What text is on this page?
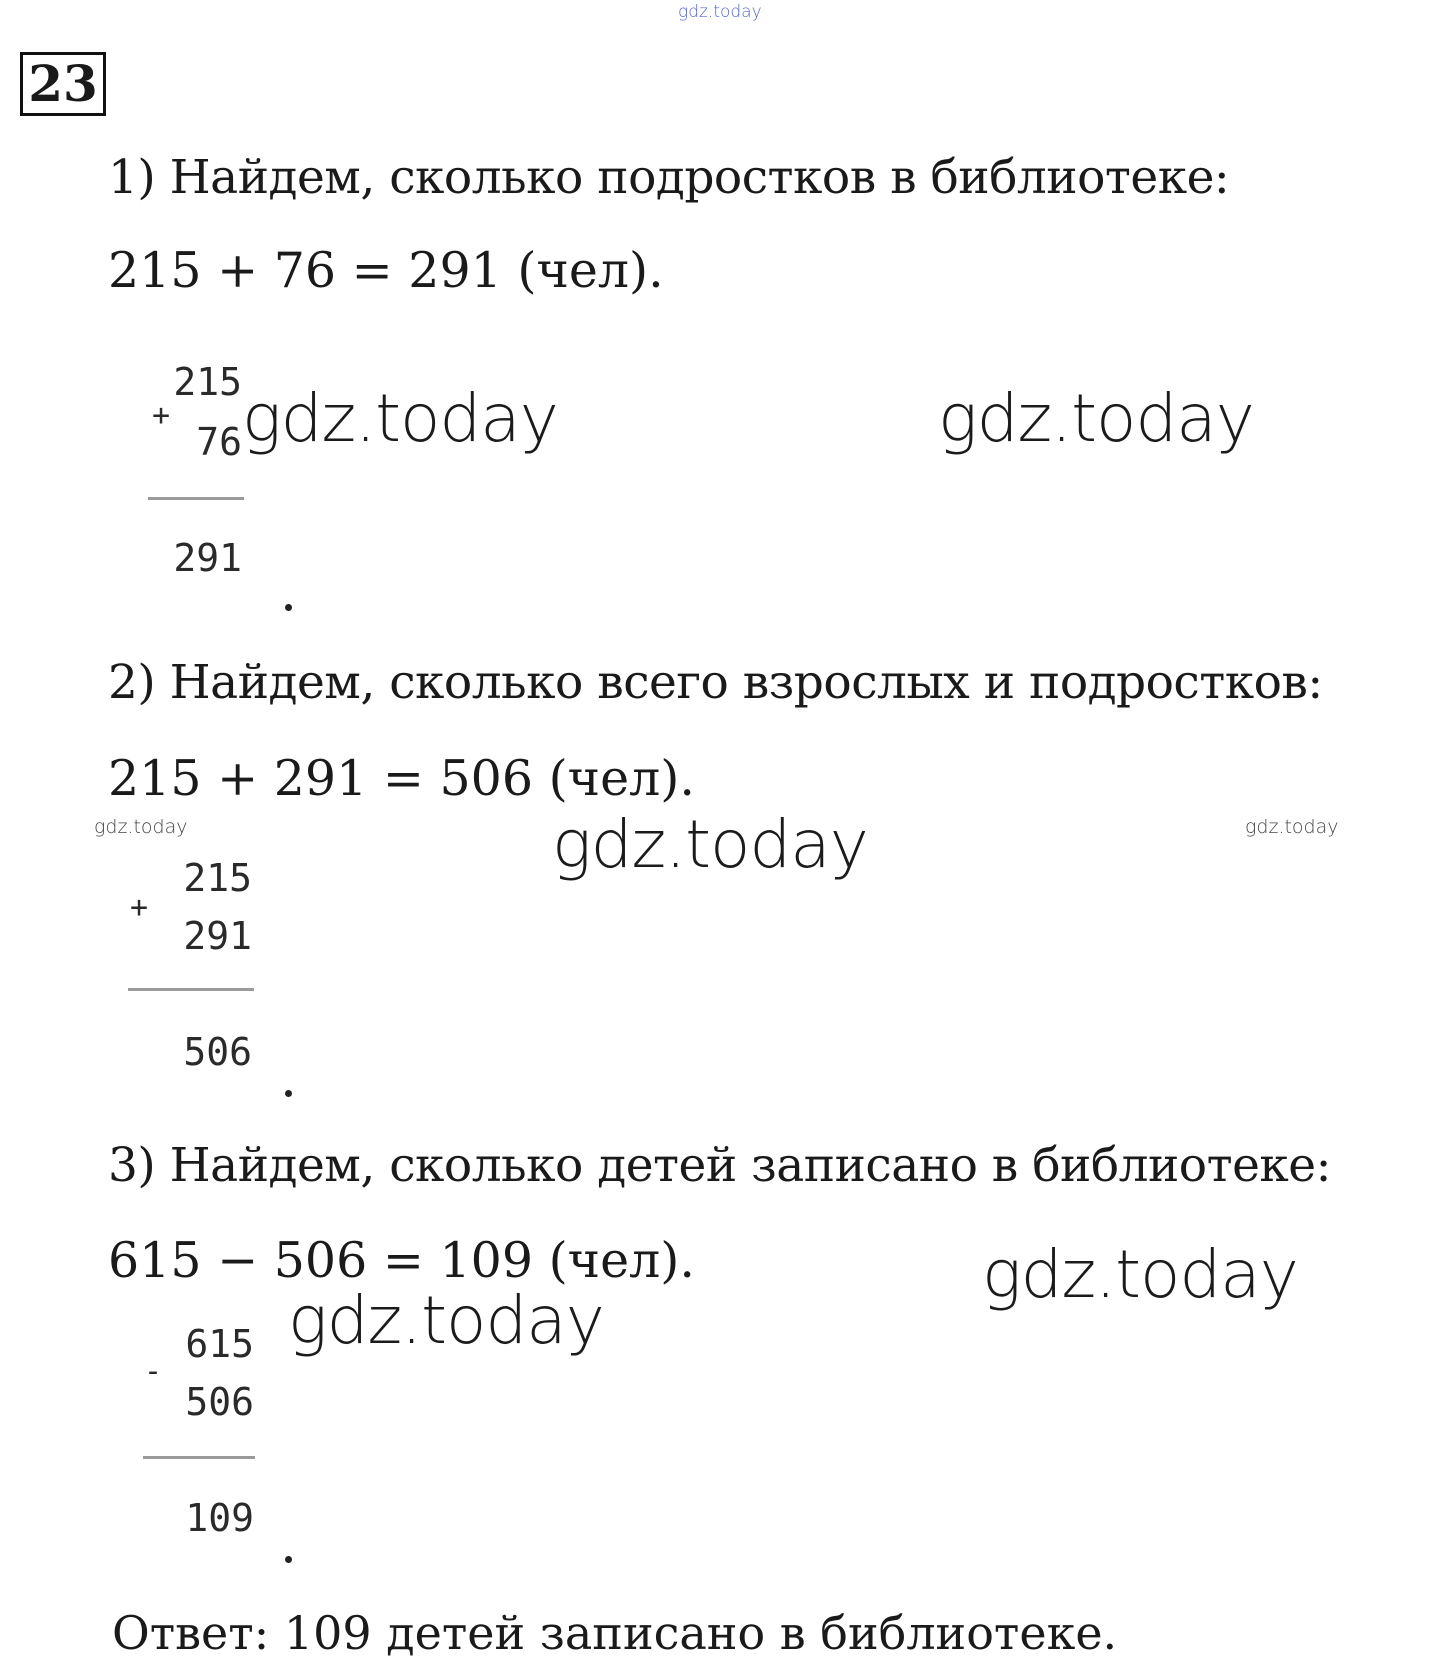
gdz.today
23
1) Найдем, сколько подростков в библиотеке:
215 + 76 = 291 (чел).
215
+
76
291
gdz.today	gdz.today
2) Найдем, сколько всего взрослых и подростков:
215 + 291 = 506 (чел).
gdz.today	gdz.today
215
+
291
506
gdz.today
3) Найдем, сколько детей записано в библиотеке:
615 − 506 = 109 (чел).	gdz.today
gdz.today
615
-
506
109
Ответ: 109 детей записано в библиотеке.
